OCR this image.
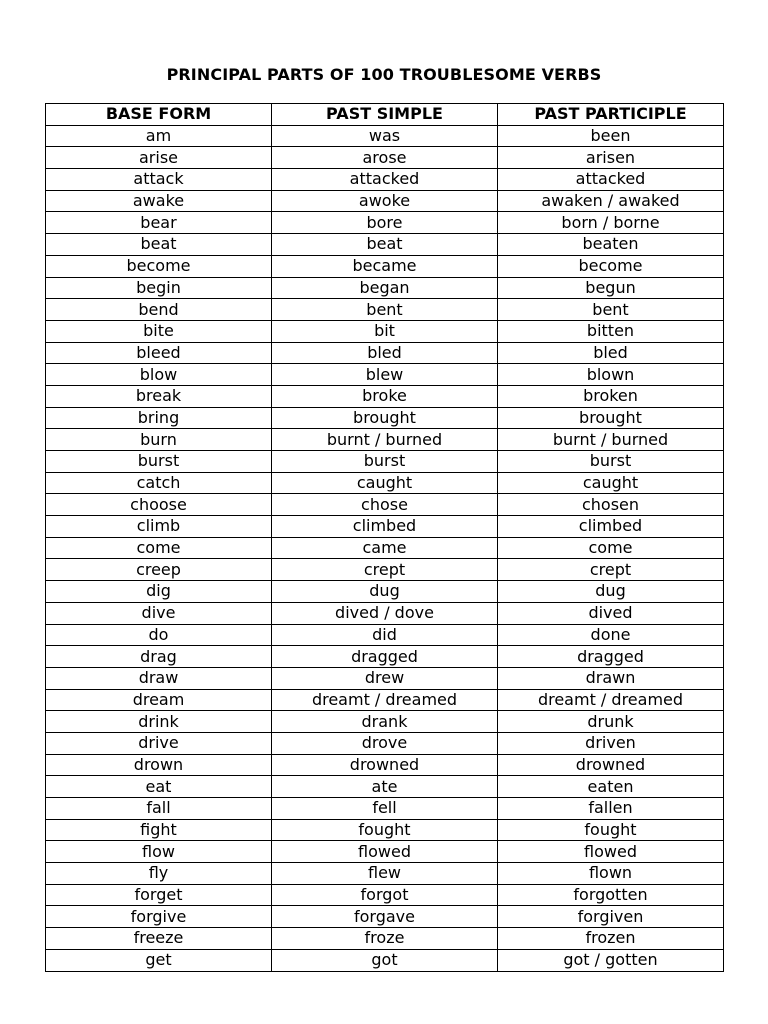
PRINCIPAL PARTS OF 100 TROUBLESOME VERBS
BASE FORM	PAST SIMPLE	PAST PARTICIPLE
am	was	been
arise	arose	arisen
attack	attacked	attacked
awake	awoke	awaken / awaked
bear	bore	born / borne
beat	beat	beaten
become	became	become
begin	began	begun
bend	bent	bent
bite	bit	bitten
bleed	bled	bled
blow	blew	blown
break	broke	broken
bring	brought	brought
burn	burnt / burned	burnt / burned
burst	burst	burst
catch	caught	caught
choose	chose	chosen
climb	climbed	climbed
come	came	come
creep	crept	crept
dig	dug	dug
dive	dived / dove	dived
do	did	done
drag	dragged	dragged
draw	drew	drawn
dream	dreamt / dreamed	dreamt / dreamed
drink	drank	drunk
drive	drove	driven
drown	drowned	drowned
eat	ate	eaten
fall	fell	fallen
fight	fought	fought
flow	flowed	flowed
fly	flew	flown
forget	forgot	forgotten
forgive	forgave	forgiven
freeze	froze	frozen
get	got	got / gotten
